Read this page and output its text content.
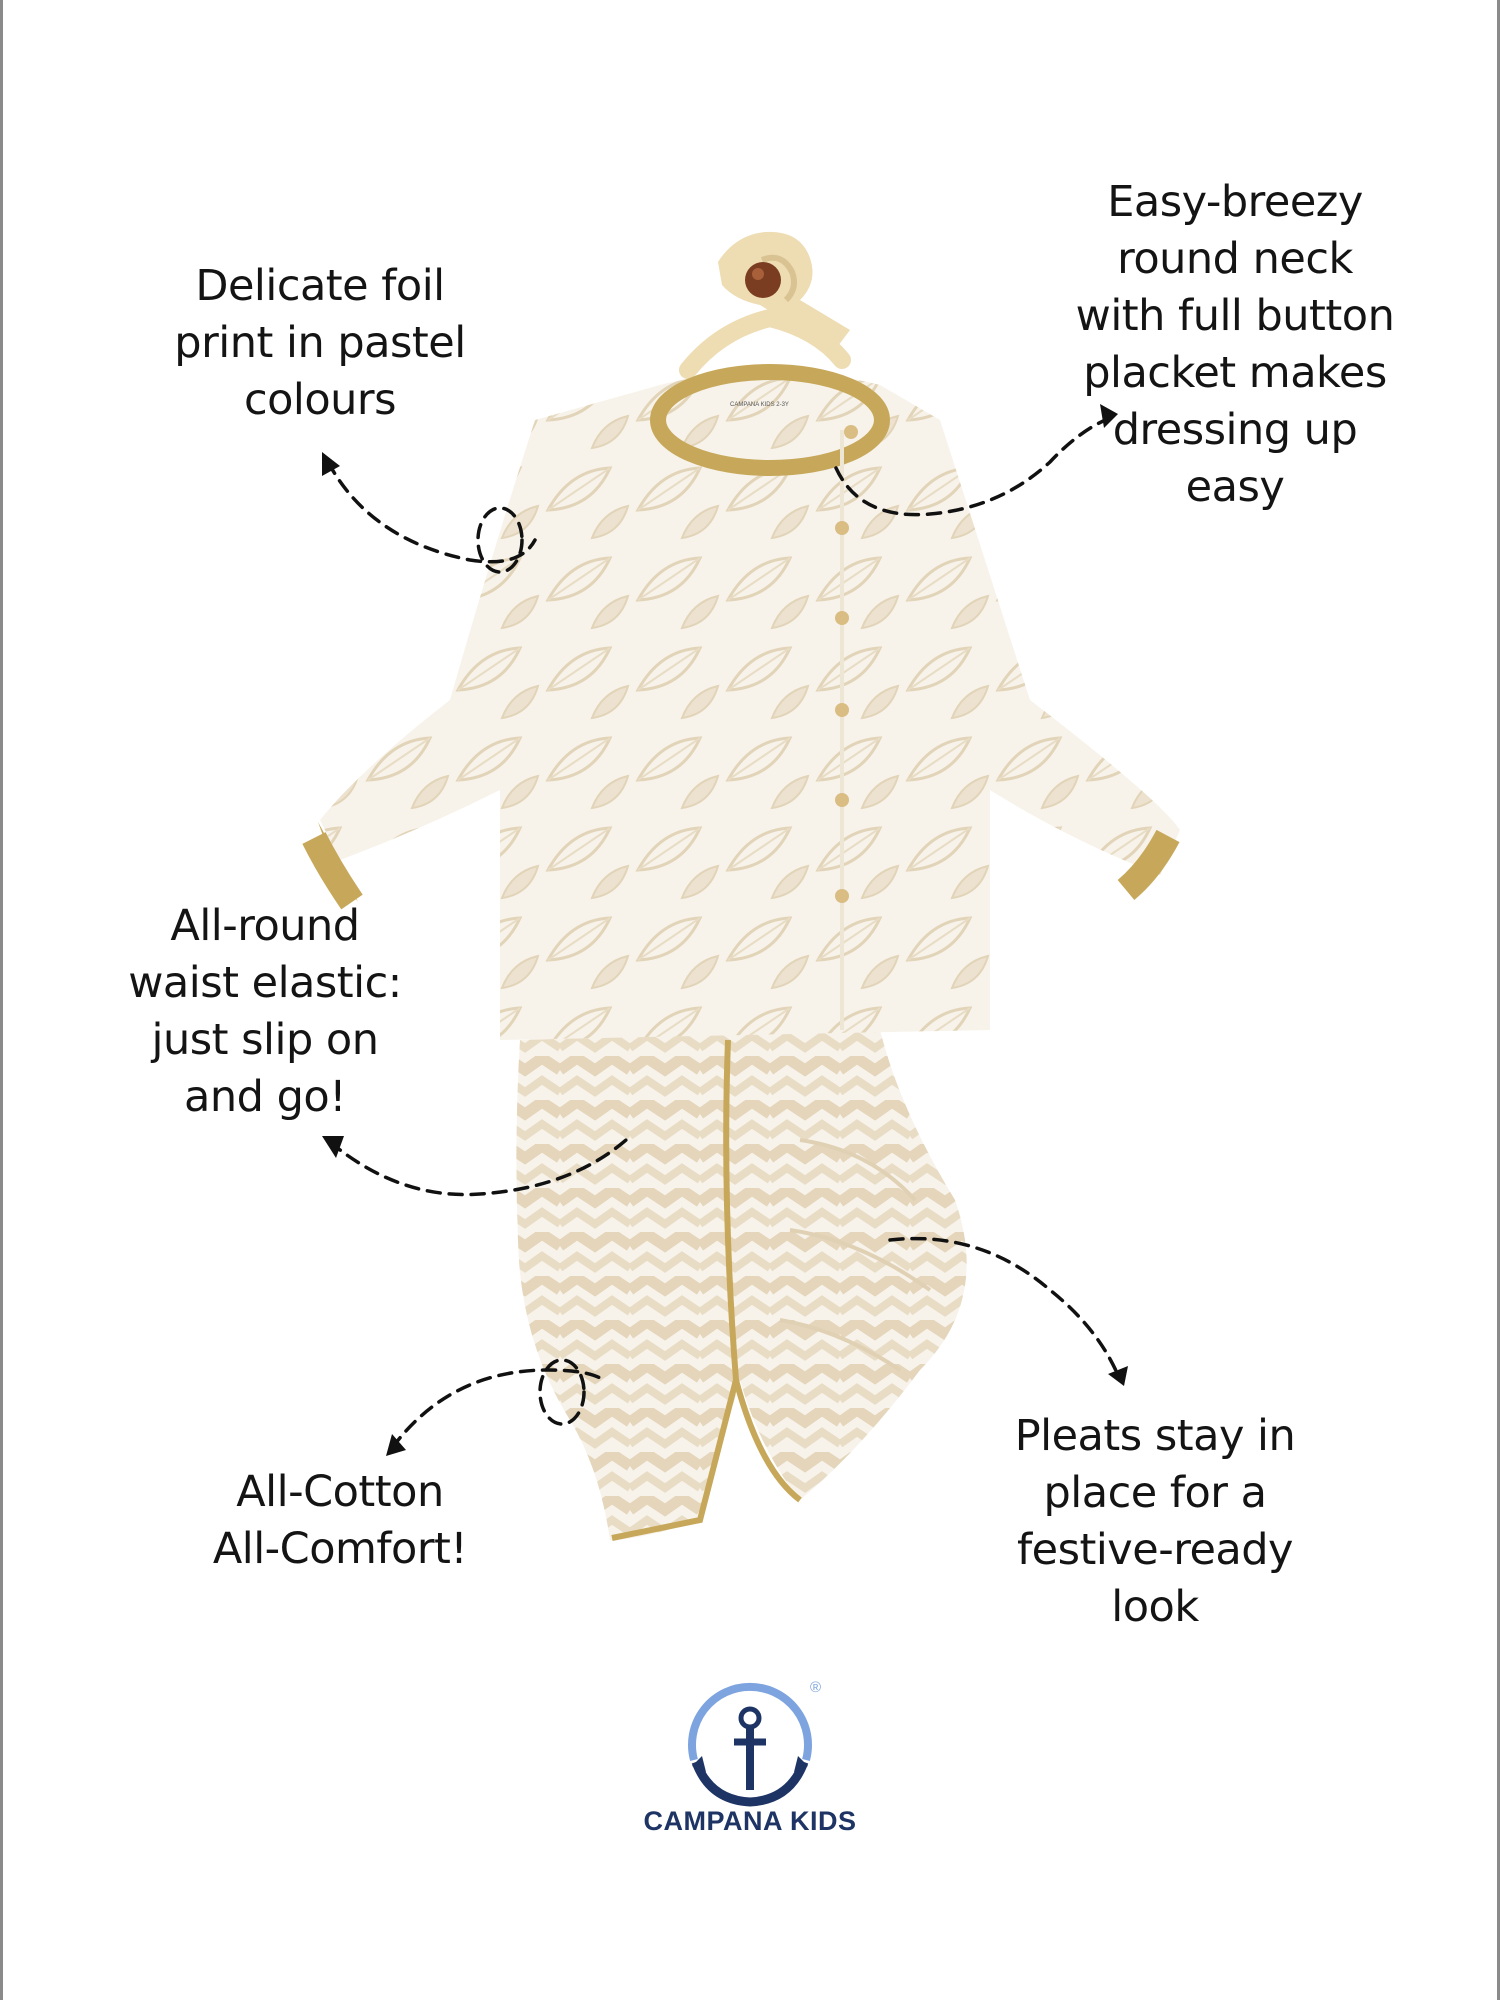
CAMPANA KIDS 2-3Y
®
Delicate foil
print in pastel
colours
Easy-breezy
round neck
with full button
placket makes
dressing up
easy
All-round
waist elastic:
just slip on
and go!
All-Cotton
All-Comfort!
Pleats stay in
place for a
festive-ready
look
CAMPANA KIDS
